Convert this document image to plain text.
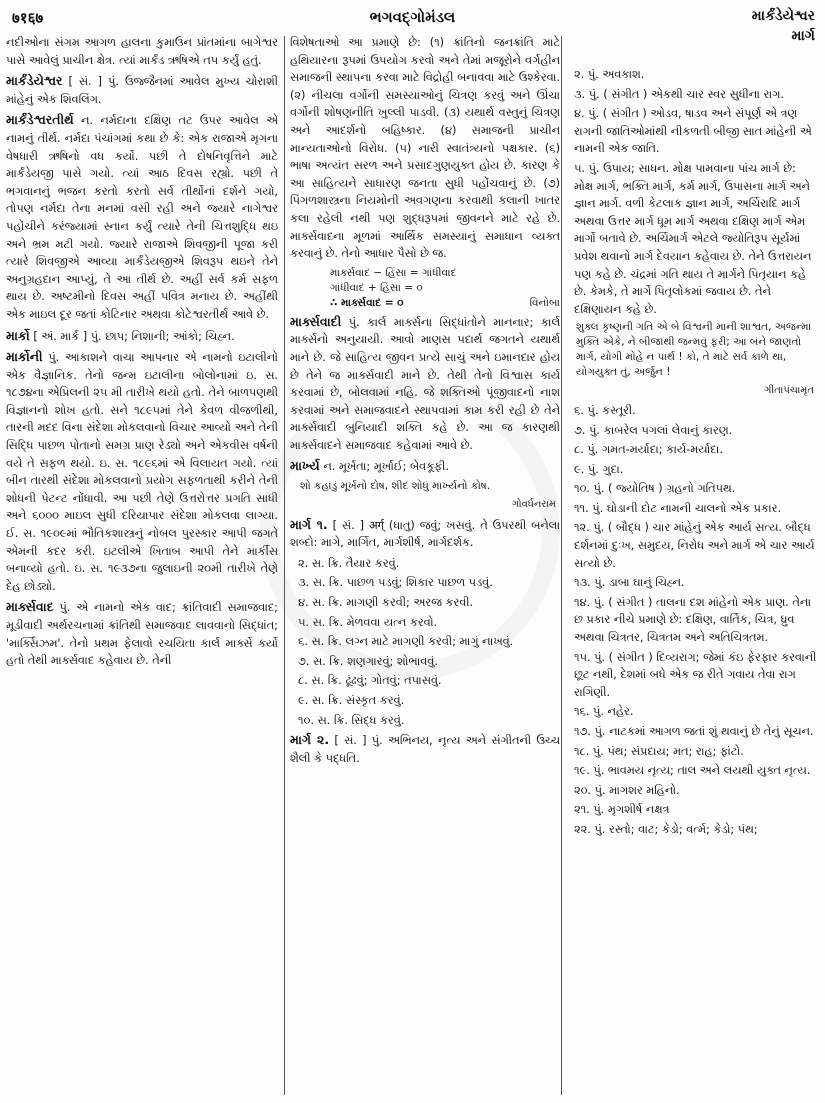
७१६७	ભગવદ્ગોમંડલ	માર્કંડેયેશ્વર
માર્ગ

નદીઓના સંગમ આગળ હાલના કુમાઉન પ્રાંતમાંના બાગેશ્વર પાસે આવેલું પ્રાચીન ક્ષેત્ર. ત્યાં માર્કંડ ઋષિએ તપ કર્યું હતું.

માર્કંડેયેશ્વર [ સં. ] પું. ઉજ્જૈનમાં આવેલ મુખ્ય ચોરાશી માંહેનું એક શિવલિંગ.

માર્કંડેશ્વરતીર્થ ન. નર્મદાના દક્ષિણ તટ ઉપર આવેલ એ નામનું તીર્થ. નર્મદા પંચાંગમાં કથા છે કે: એક રાજાએ મૃગના વેષધારી ઋષિનો વધ કર્યો. પછી તે દોષનિવૃત્તિને માટે માર્કંડેયજી પાસે ગયો. ત્યાં આઠ દિવસ રહ્યો. પછી તે ભગવાનનું ભજન કરતો કરતો સર્વ તીર્થોનાં દર્શને ગયો, તોપણ નર્મદા તેના મનમાં વસી રહી અને જ્યારે નાગેશ્વર પહોંચીને કરંજ્યામાં સ્નાન કર્યું ત્યારે તેની ચિત્તશુદ્ધિ થઇ અને ભ્રમ મટી ગયો. જ્યારે રાજાએ શિવજીની પૂજા કરી ત્યારે શિવજીએ આવ્યા માર્કંડેયજીએ શિવરૂપ થઇને તેને અનુગ્રહદાન આપ્યું, તે આ તીર્થ છે. અહીં સર્વ કર્મ સફળ થાય છે. અષ્ટમીનો દિવસ અહીં પવિત્ર મનાય છે. અહીંથી એક માઇલ દૂર જતાં કોટિનાર અથવા કોટેશ્વરતીર્થ આવે છે.

માર્કો [ અં. માર્ક ] પું. છાપ; નિશાની; આંકો; ચિહ્ન.

માર્કોની પું. આકાશને વાચા આપનાર એ નામનો ઇટાલીનો એક વૈજ્ઞાનિક. તેનો જન્મ ઇટાલીના બોલોનામાં ઇ. સ. ૧૮૭૪ના એપ્રિલની ૨૫ મી તારીખે થયો હતો. તેને બાળપણથી વિજ્ઞાનનો શોખ હતો. સને ૧૮૯૫માં તેને કેવળ વીજળીથી, તારની મદદ વિના સંદેશા મોકલવાનો વિચાર આવ્યો અને તેની સિદ્ધિ પાછળ પોતાનો સમગ્ર પ્રાણ રેડ્યો અને એકવીસ વર્ષની વયે તે સફળ થયો. ઇ. સ. ૧૮૯૬માં એ વિલાયત ગયો. ત્યાં બીન તારથી સંદેશા મોકલવાનો પ્રયોગ સફળતાથી કરીને તેની શોધની પેટન્ટ નોંધાવી. આ પછી તેણે ઉત્તરોત્તર પ્રગતિ સાધી અને ૬૦૦૦ માઇલ સુધી દરિયાપાર સંદેશા મોકલવા લાગ્યા. ઈ. સ. ૧૯૦૯માં ભૌતિકશાસ્ત્રનું નોબલ પુરસ્કાર આપી જગતે એમની કદર કરી. ઇટલીએ ખિતાબ આપી તેને માર્કીસ બનાવ્યો હતો. ઇ. સ. ૧૯૩૭ના જુલાઇની ૨૦મી તારીખે તેણે દેહ છોડ્યો.

માર્ક્સવાદ પું. એ નામનો એક વાદ; ક્રાંતિવાદી સમાજવાદ; મૂડીવાદી અર્થરચનામાં ક્રાંતિથી સમાજવાદ લાવવાનો સિદ્ધાંત; 'માર્ક્સિઝમ'. તેનો પ્રથમ ફેલાવો રચયિતા કાર્લ માર્ક્સે કર્યો હતો તેથી માર્ક્સવાદ કહેવાય છે. તેની

વિશેષતાઓ આ પ્રમાણે છે: (૧) ક્રાંતિનો જનક્રાંતિ માટે હથિયારના રૂપમાં ઉપયોગ કરવો અને તેમાં મજૂરોને વર્ગહીન સમાજની સ્થાપના કરવા માટે વિદ્રોહી બનાવવા માટે ઉશ્કેરવા. (૨) નીચલા વર્ગોની સમસ્યાઓનું ચિત્રણ કરવું અને ઊંચા વર્ગોની શોષણનીતિ ખુલ્લી પાડવી. (૩) યથાર્થ વસ્તુનું ચિત્રણ અને આદર્શનો બહિષ્કાર. (૪) સમાજની પ્રાચીન માન્યતાઓનો વિરોધ. (૫) નારી સ્વાતંત્ર્યનો પક્ષકાર. (૬) ભાષા અત્યંત સરળ અને પ્રસાદગુણયુક્ત હોય છે. કારણ કે આ સાહિત્યને સાધારણ જનતા સુધી પહોંચવાનું છે. (૭) પિંગળશાસ્ત્રના નિયમોની અવગણના કરવાથી કલાની ખાતર કલા રહેલી નથી પણ શુદ્ધરૂપમાં જીવનને માટે રહે છે. માર્ક્સવાદના મૂળમાં આર્થિક સમસ્યાનું સમાધાન વ્યક્ત કરવાનું છે. તેનો આધાર પૈસો છે જ.

માર્ક્સવાદ − હિંસા = ગાંધીવાદ
ગાંધીવાદ + હિંસા = ૦
∴ માર્ક્સવાદ = ૦	વિનોબા

માર્ક્સવાદી પું. કાર્લ માર્ક્સના સિદ્ધાંતોને માનનાર; કાર્લ માર્ક્સનો અનુયાયી. આવો માણસ પદાર્થ જગતને યથાર્થ માને છે. જે સાહિત્ય જીવન પ્રત્યે સાચું અને ઇમાનદાર હોય છે તેને જ માર્ક્સવાદી માને છે. તેથી તેનો વિશ્વાસ કાર્ય કરવામાં છે, બોલવામાં નહિ. જે શક્તિઓ પૂંજીવાદનો નાશ કરવામાં અને સમાજવાદને સ્થાપવામાં કામ કરી રહી છે તેને માર્ક્સવાદી બુનિયાદી શક્તિ કહે છે. આ જ કારણથી માર્ક્સવાદને સમાજવાદ કહેવામાં આવે છે.

માર્ખ્ય ન. મૂર્ખતા; મૂર્ખાઈ; બેવકૂફી.

શો કહાડું મૂર્ખનો દોષ, શીદ શોધું માર્ખ્યનો કોષ.
ગોવર્ધનરામ

માર્ગ ૧. [ સં. ] अर्ग् (ધાતુ) જવું; ખસવું. તે ઉપરથી બનેલા શબ્દો: માગે, માર્ગિત, માર્ગશીર્ષ, માર્ગદર્શક.

૨. સ. ક્રિ. તૈયાર કરવું.
૩. સ. ક્રિ. પાછળ પડવું; શિકાર પાછળ પડવું.
૪. સ. ક્રિ. માગણી કરવી; અરજ કરવી.
૫. સ. ક્રિ. મેળવવા યત્ન કરવો.
૬. સ. ક્રિ. લગ્ન માટે માગણી કરવી; માગું નાખવું.
૭. સ. ક્રિ. શણગારવું; શોભાવવું.
૮. સ. ક્રિ. ઢૂંઢવું; ગોતવું; તપાસવું.
૯. સ. ક્રિ. સંસ્કૃત કરવું.
૧૦. સ. ક્રિ. સિદ્ધ કરવું.

માર્ગ ૨. [ સં. ] પું. અભિનય, નૃત્ય અને સંગીતની ઉચ્ચ શૈલી કે પદ્ધતિ.

૨. પું. અવકાશ.
૩. પું. ( સંગીત ) એકથી ચાર સ્વર સુધીના રાગ.
૪. પું. ( સંગીત ) ઓડવ, ષાડવ અને સંપૂર્ણ એ ત્રણ રાગની જાતિઓમાંથી નીકળતી બીજી સાત માંહેની એ નામની એક જાતિ.
૫. પું. ઉપાય; સાધન. મોક્ષ પામવાના પાંચ માર્ગ છે: મોક્ષ માર્ગ, ભક્તિ માર્ગ, કર્મ માર્ગ, ઉપાસના માર્ગ અને જ્ઞાન માર્ગ. વળી કેટલાક જ્ઞાન માર્ગ, અર્ચિરાદિ માર્ગ અથવા ઉત્તર માર્ગ ધૂમ માર્ગ અથવા દક્ષિણ માર્ગ એમ માર્ગો બતાવે છે. અર્ચિમાર્ગ એટલે જ્યોતિરૂપ સૂર્યમાં પ્રવેશ થવાનો માર્ગ દેવયાન કહેવાય છે. તેને ઉત્તરાયન પણ કહે છે. ચંદ્રમાં ગતિ થાય તે માર્ગને પિતૃયાન કહે છે. કેમકે, તે માર્ગે પિતૃલોકમાં જવાય છે. તેને દક્ષિણાયન કહે છે.
શુક્લ કૃષ્ણની ગતિ એ બે વિશ્વની માની શાશ્વત, અજન્મા મુક્તિ એકે, ને બીજાથી જન્મવું ફરી; આ બંને જાણતો માર્ગ, યોગી મોહે ન પાર્થ ! કો, તે માટે સર્વ કાળે થા, યોગયુક્ત તું, અર્જુન !
ગીતાપંચામૃત
૬. પું. કસ્તૂરી.
૭. પું. કાબરેલ પગલાં લેવાનું કારણ.
૮. પું. ગમત-મર્યાદા; કાર્ય-મર્યાદા.
૯. પું. ગુદા.
૧૦. પું. ( જ્યોતિષ ) ગ્રહનો ગતિપથ.
૧૧. પું. ઘોડાની દોટ નામની ચાલનો એક પ્રકાર.
૧૨. પું. ( બૌદ્ધ ) ચાર માંહેનું એક આર્ય સત્ય. બૌદ્ધ દર્શનમાં દુઃખ, સમુદય, નિરોધ અને માર્ગ એ ચાર આર્ય સત્યો છે.
૧૩. પું. ડાબા ઘાનું ચિહ્ન.
૧૪. પું. ( સંગીત ) તાલના દશ માંહેનો એક પ્રાણ. તેના છ પ્રકાર નીચે પ્રમાણે છે: દક્ષિણ, વાર્તિક, ચિત્ર, ધ્રુવ અથવા ચિત્રતર, ચિત્રતમ અને અતિચિત્રતમ.
૧૫. પું. ( સંગીત ) દિવ્યરાગ; જેમાં કંઇ ફેરફાર કરવાની છૂટ નથી, દેશમાં બધે એક જ રીતે ગવાય તેવા રાગ રાગિણી.
૧૬. પું. નહેર.
૧૭. પું. નાટકમાં આગળ જતાં શું થવાનું છે તેનું સૂચન.
૧૮. પું. પંથ; સંપ્રદાય; મત; રાહ; ફાંટો.
૧૯. પું. ભાવમય નૃત્ય; તાલ અને લયથી યુક્ત નૃત્ય.
૨૦. પું. માગશર મહિનો.
૨૧. પું. મૃગશીર્ષ નક્ષત્ર
૨૨. પું. રસ્તો; વાટ; કેડો; વર્ત્મ; કેડો; પંથ;
